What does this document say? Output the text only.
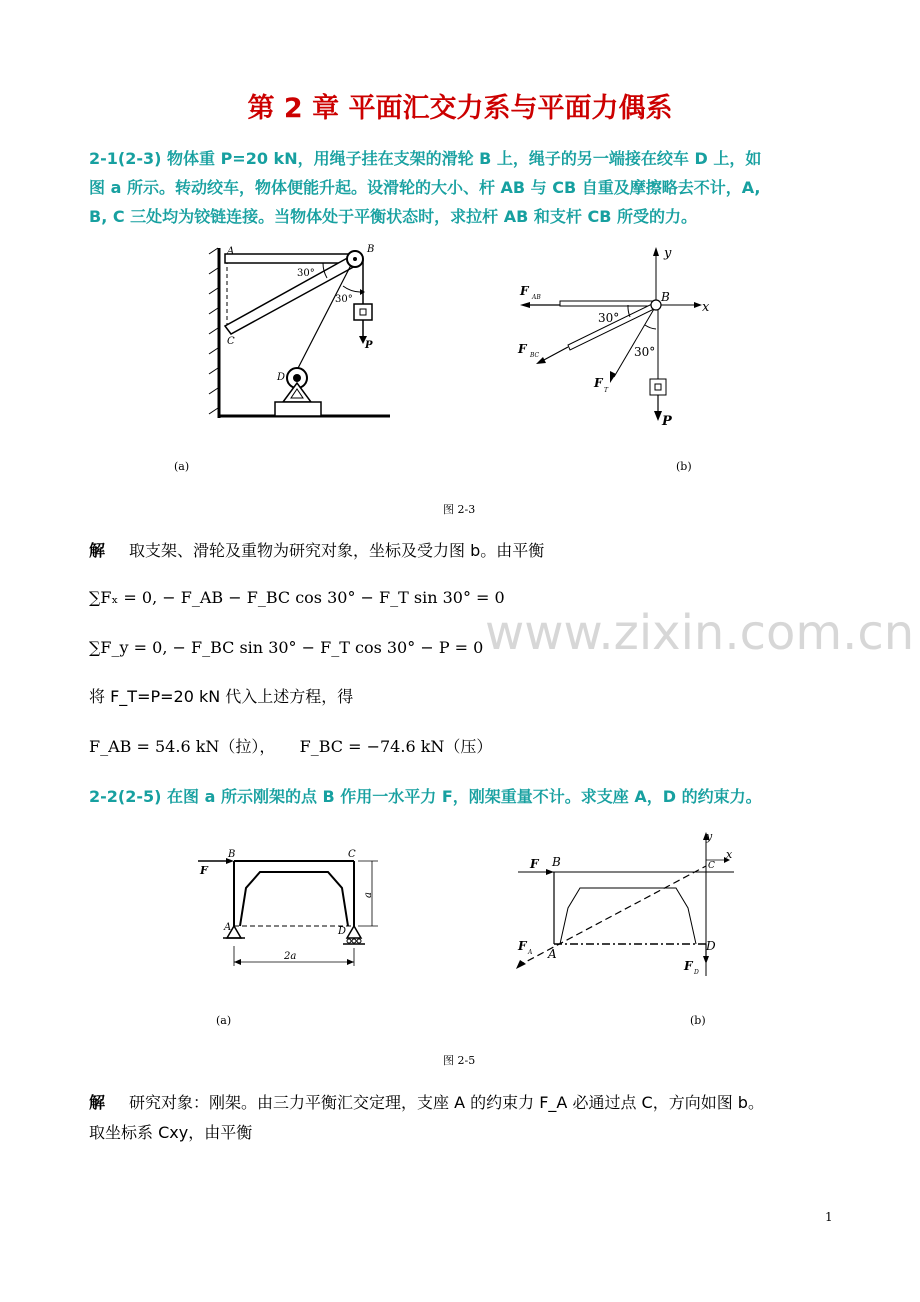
第 2 章 平面汇交力系与平面力偶系
2-1(2-3) 物体重 P=20 kN，用绳子挂在支架的滑轮 B 上，绳子的另一端接在绞车 D 上，如
图 a 所示。转动绞车，物体便能升起。设滑轮的大小、杆 AB 与 CB 自重及摩擦略去不计，A,
B, C 三处均为铰链连接。当物体处于平衡状态时，求拉杆 AB 和支杆 CB 所受的力。
A	B
C
D
P
30°
30°
y
x
B
F AB
F BC
F
T
P
30°
30°
(a)	(b)
图 2-3
解 取支架、滑轮及重物为研究对象，坐标及受力图 b。由平衡
∑Fₓ = 0, − F_AB − F_BC cos 30° − F_T sin 30° = 0
∑F_y = 0, − F_BC sin 30° − F_T cos 30° − P = 0
将 F_T=P=20 kN 代入上述方程，得
F_AB = 54.6 kN（拉）， F_BC = −74.6 kN（压）
www.zixin.com.cn
2-2(2-5) 在图 a 所示刚架的点 B 作用一水平力 F，刚架重量不计。求支座 A，D 的约束力。
F
B	C
A	D
a
2a
F B	C
x
y
A
D
F A
F D
(a)	(b)
图 2-5
解 研究对象：刚架。由三力平衡汇交定理，支座 A 的约束力 F_A 必通过点 C，方向如图 b。
取坐标系 Cxy，由平衡
1
